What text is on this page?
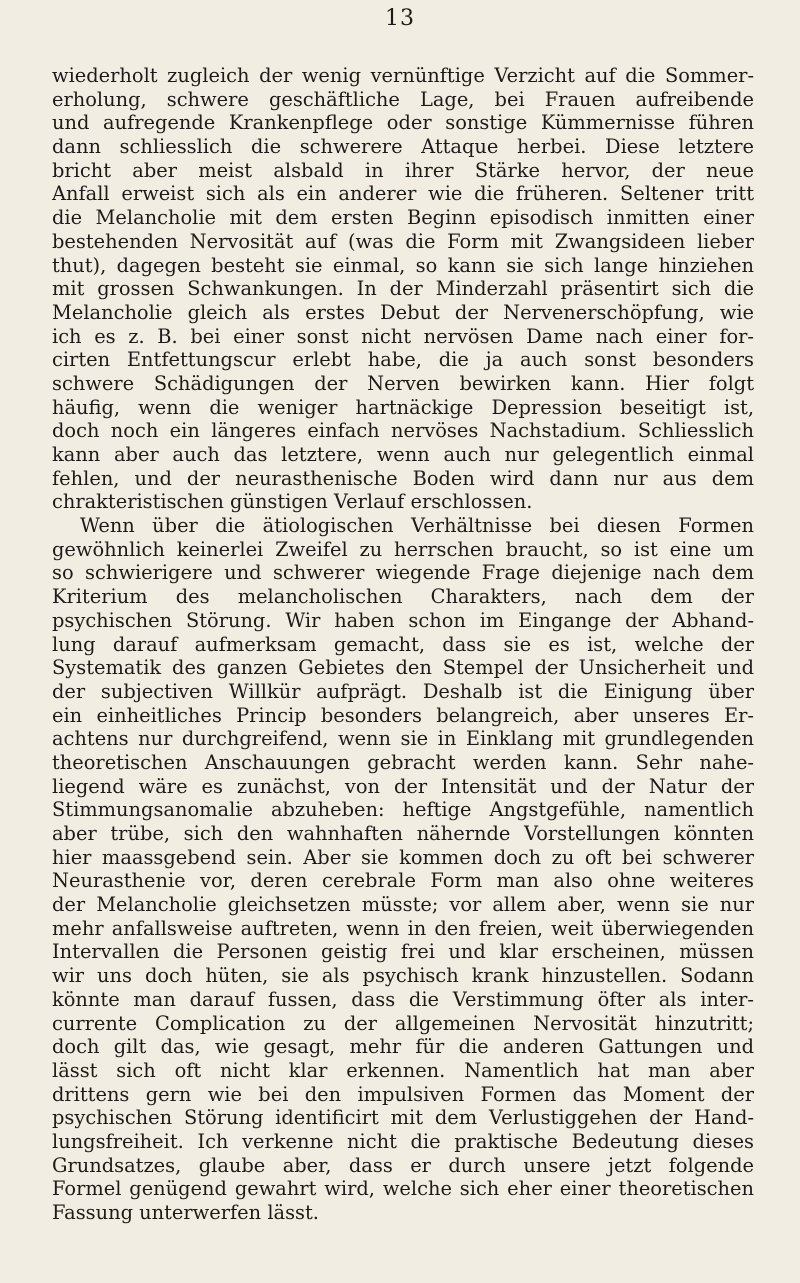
13
wiederholt zugleich der wenig vernünftige Verzicht auf die Sommer-
erholung, schwere geschäftliche Lage, bei Frauen aufreibende
und aufregende Krankenpflege oder sonstige Kümmernisse führen
dann schliesslich die schwerere Attaque herbei. Diese letztere
bricht aber meist alsbald in ihrer Stärke hervor, der neue
Anfall erweist sich als ein anderer wie die früheren. Seltener tritt
die Melancholie mit dem ersten Beginn episodisch inmitten einer
bestehenden Nervosität auf (was die Form mit Zwangsideen lieber
thut), dagegen besteht sie einmal, so kann sie sich lange hinziehen
mit grossen Schwankungen. In der Minderzahl präsentirt sich die
Melancholie gleich als erstes Debut der Nervenerschöpfung, wie
ich es z. B. bei einer sonst nicht nervösen Dame nach einer for-
cirten Entfettungscur erlebt habe, die ja auch sonst besonders
schwere Schädigungen der Nerven bewirken kann. Hier folgt
häufig, wenn die weniger hartnäckige Depression beseitigt ist,
doch noch ein längeres einfach nervöses Nachstadium. Schliesslich
kann aber auch das letztere, wenn auch nur gelegentlich einmal
fehlen, und der neurasthenische Boden wird dann nur aus dem
chrakteristischen günstigen Verlauf erschlossen.
Wenn über die ätiologischen Verhältnisse bei diesen Formen
gewöhnlich keinerlei Zweifel zu herrschen braucht, so ist eine um
so schwierigere und schwerer wiegende Frage diejenige nach dem
Kriterium des melancholischen Charakters, nach dem der
psychischen Störung. Wir haben schon im Eingange der Abhand-
lung darauf aufmerksam gemacht, dass sie es ist, welche der
Systematik des ganzen Gebietes den Stempel der Unsicherheit und
der subjectiven Willkür aufprägt. Deshalb ist die Einigung über
ein einheitliches Princip besonders belangreich, aber unseres Er-
achtens nur durchgreifend, wenn sie in Einklang mit grundlegenden
theoretischen Anschauungen gebracht werden kann. Sehr nahe-
liegend wäre es zunächst, von der Intensität und der Natur der
Stimmungsanomalie abzuheben: heftige Angstgefühle, namentlich
aber trübe, sich den wahnhaften nähernde Vorstellungen könnten
hier maassgebend sein. Aber sie kommen doch zu oft bei schwerer
Neurasthenie vor, deren cerebrale Form man also ohne weiteres
der Melancholie gleichsetzen müsste; vor allem aber, wenn sie nur
mehr anfallsweise auftreten, wenn in den freien, weit überwiegenden
Intervallen die Personen geistig frei und klar erscheinen, müssen
wir uns doch hüten, sie als psychisch krank hinzustellen. Sodann
könnte man darauf fussen, dass die Verstimmung öfter als inter-
currente Complication zu der allgemeinen Nervosität hinzutritt;
doch gilt das, wie gesagt, mehr für die anderen Gattungen und
lässt sich oft nicht klar erkennen. Namentlich hat man aber
drittens gern wie bei den impulsiven Formen das Moment der
psychischen Störung identificirt mit dem Verlustiggehen der Hand-
lungsfreiheit. Ich verkenne nicht die praktische Bedeutung dieses
Grundsatzes, glaube aber, dass er durch unsere jetzt folgende
Formel genügend gewahrt wird, welche sich eher einer theoretischen
Fassung unterwerfen lässt.
